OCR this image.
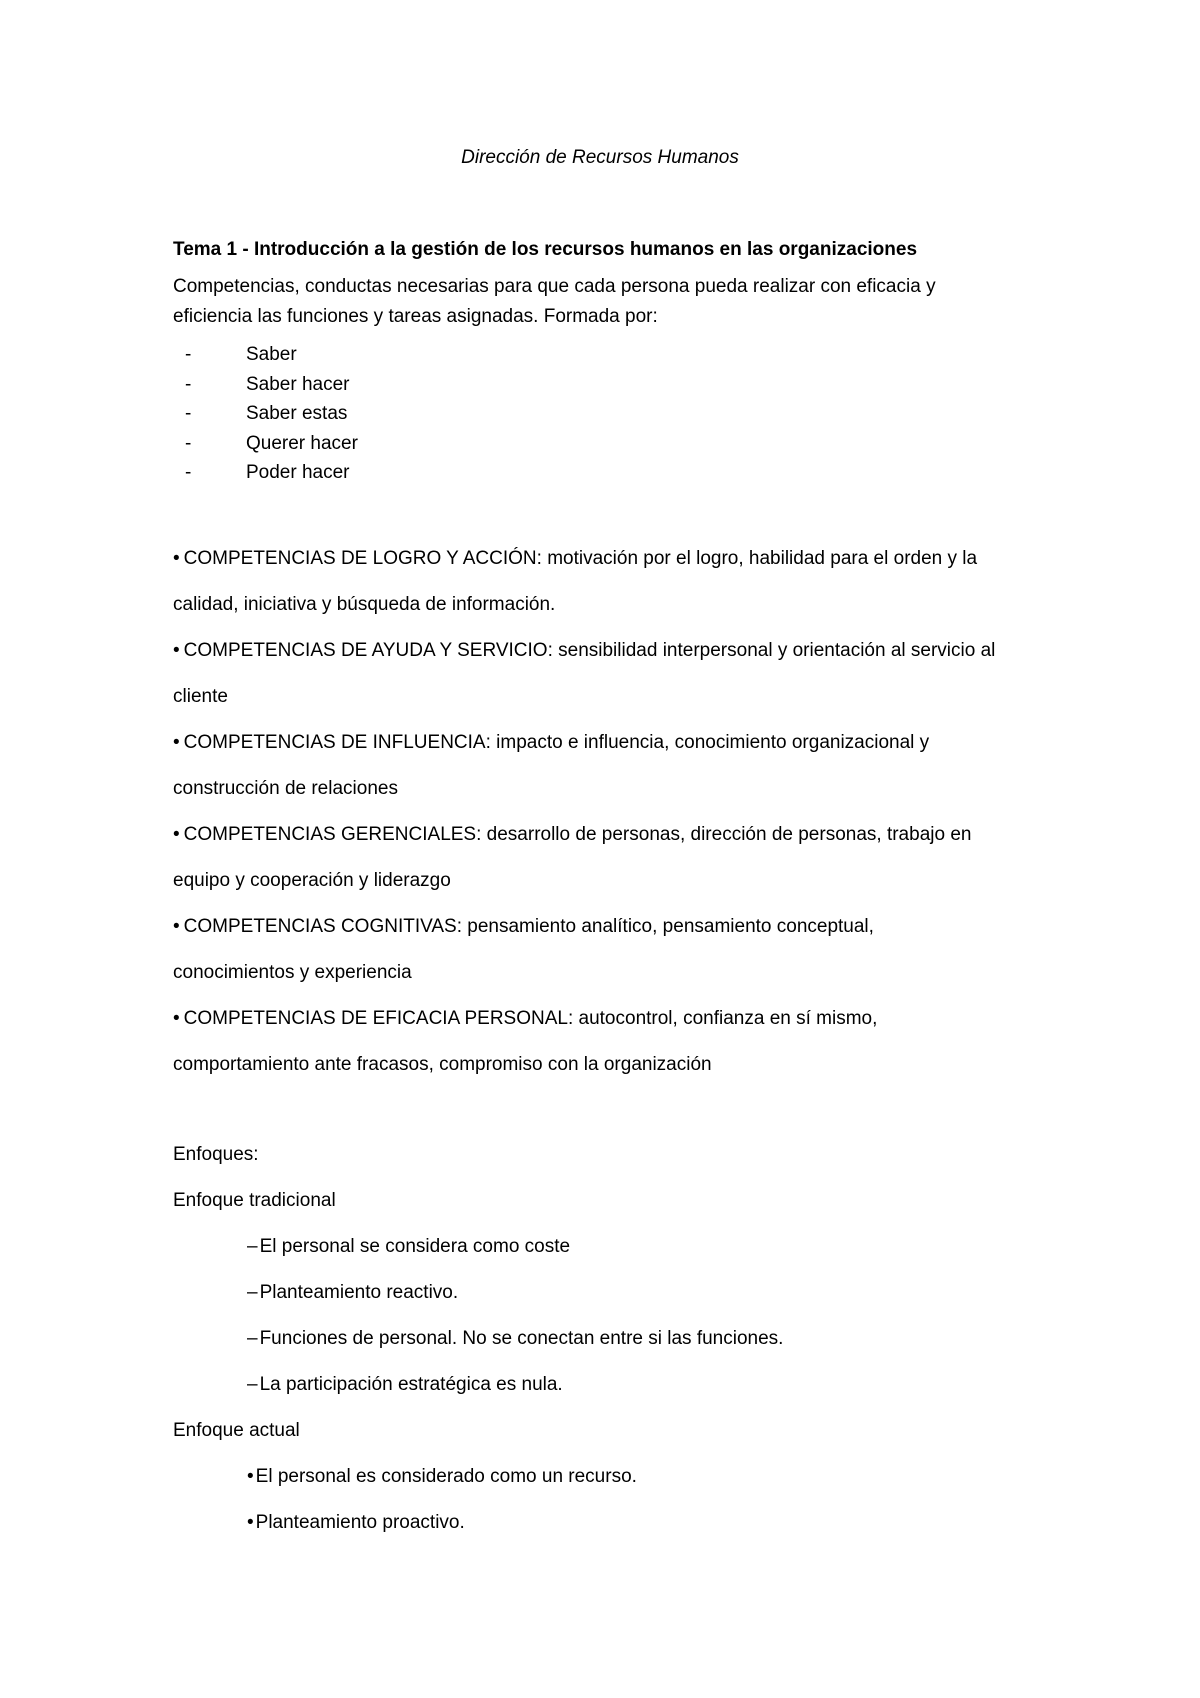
Dirección de Recursos Humanos
Tema 1 - Introducción a la gestión de los recursos humanos en las organizaciones
Competencias, conductas necesarias para que cada persona pueda realizar con eficacia y
eficiencia las funciones y tareas asignadas. Formada por:
-	Saber
-	Saber hacer
-	Saber estas
-	Querer hacer
-	Poder hacer
• COMPETENCIAS DE LOGRO Y ACCIÓN: motivación por el logro, habilidad para el orden y la
calidad, iniciativa y búsqueda de información.
• COMPETENCIAS DE AYUDA Y SERVICIO: sensibilidad interpersonal y orientación al servicio al
cliente
• COMPETENCIAS DE INFLUENCIA: impacto e influencia, conocimiento organizacional y
construcción de relaciones
• COMPETENCIAS GERENCIALES: desarrollo de personas, dirección de personas, trabajo en
equipo y cooperación y liderazgo
• COMPETENCIAS COGNITIVAS: pensamiento analítico, pensamiento conceptual,
conocimientos y experiencia
• COMPETENCIAS DE EFICACIA PERSONAL: autocontrol, confianza en sí mismo,
comportamiento ante fracasos, compromiso con la organización
Enfoques:
Enfoque tradicional
– El personal se considera como coste
– Planteamiento reactivo.
– Funciones de personal. No se conectan entre si las funciones.
– La participación estratégica es nula.
Enfoque actual
• El personal es considerado como un recurso.
• Planteamiento proactivo.
